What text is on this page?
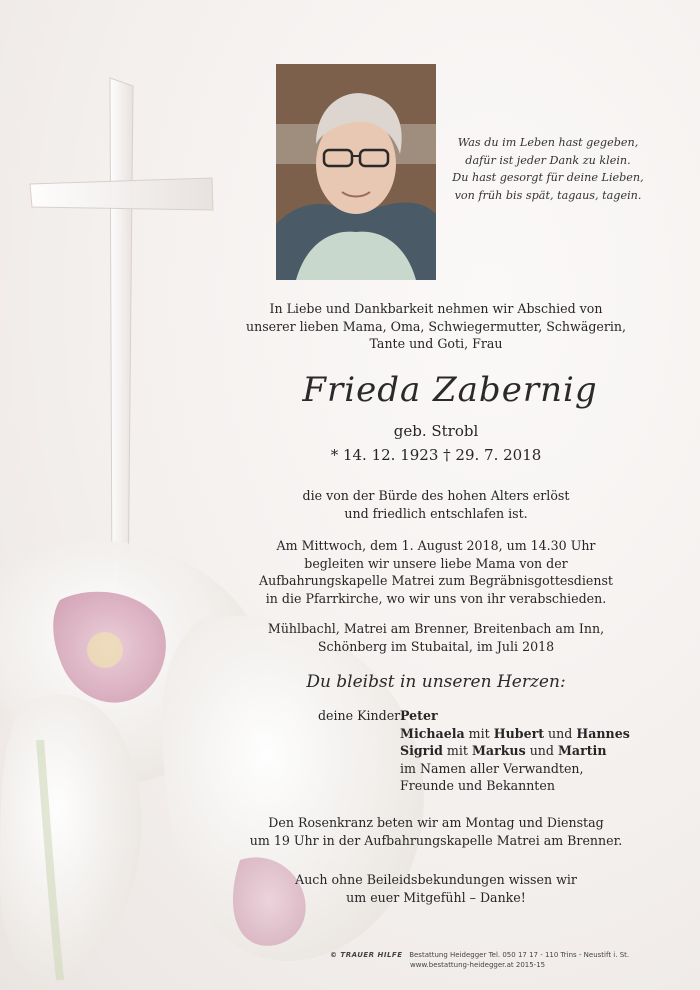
Was du im Leben hast gegeben,
dafür ist jeder Dank zu klein.
Du hast gesorgt für deine Lieben,
von früh bis spät, tagaus, tagein.
In Liebe und Dankbarkeit nehmen wir Abschied von
unserer lieben Mama, Oma, Schwiegermutter, Schwägerin,
Tante und Goti, Frau
Frieda Zabernig
geb. Strobl
* 14. 12. 1923 † 29. 7. 2018
die von der Bürde des hohen Alters erlöst
und friedlich entschlafen ist.
Am Mittwoch, dem 1. August 2018, um 14.30 Uhr
begleiten wir unsere liebe Mama von der
Aufbahrungskapelle Matrei zum Begräbnisgottesdienst
in die Pfarrkirche, wo wir uns von ihr verabschieden.
Mühlbachl, Matrei am Brenner, Breitenbach am Inn,
Schönberg im Stubaital, im Juli 2018
Du bleibst in unseren Herzen:
deine Kinder:
Peter
Michaela mit Hubert und Hannes
Sigrid mit Markus und Martin
im Namen aller Verwandten,
Freunde und Bekannten
Den Rosenkranz beten wir am Montag und Dienstag
um 19 Uhr in der Aufbahrungskapelle Matrei am Brenner.
Auch ohne Beileidsbekundungen wissen wir
um euer Mitgefühl – Danke!
© TRAUER HILFE Bestattung Heidegger Tel. 050 17 17 - 110 Trins - Neustift i. St.
www.bestattung-heidegger.at 2015-15
